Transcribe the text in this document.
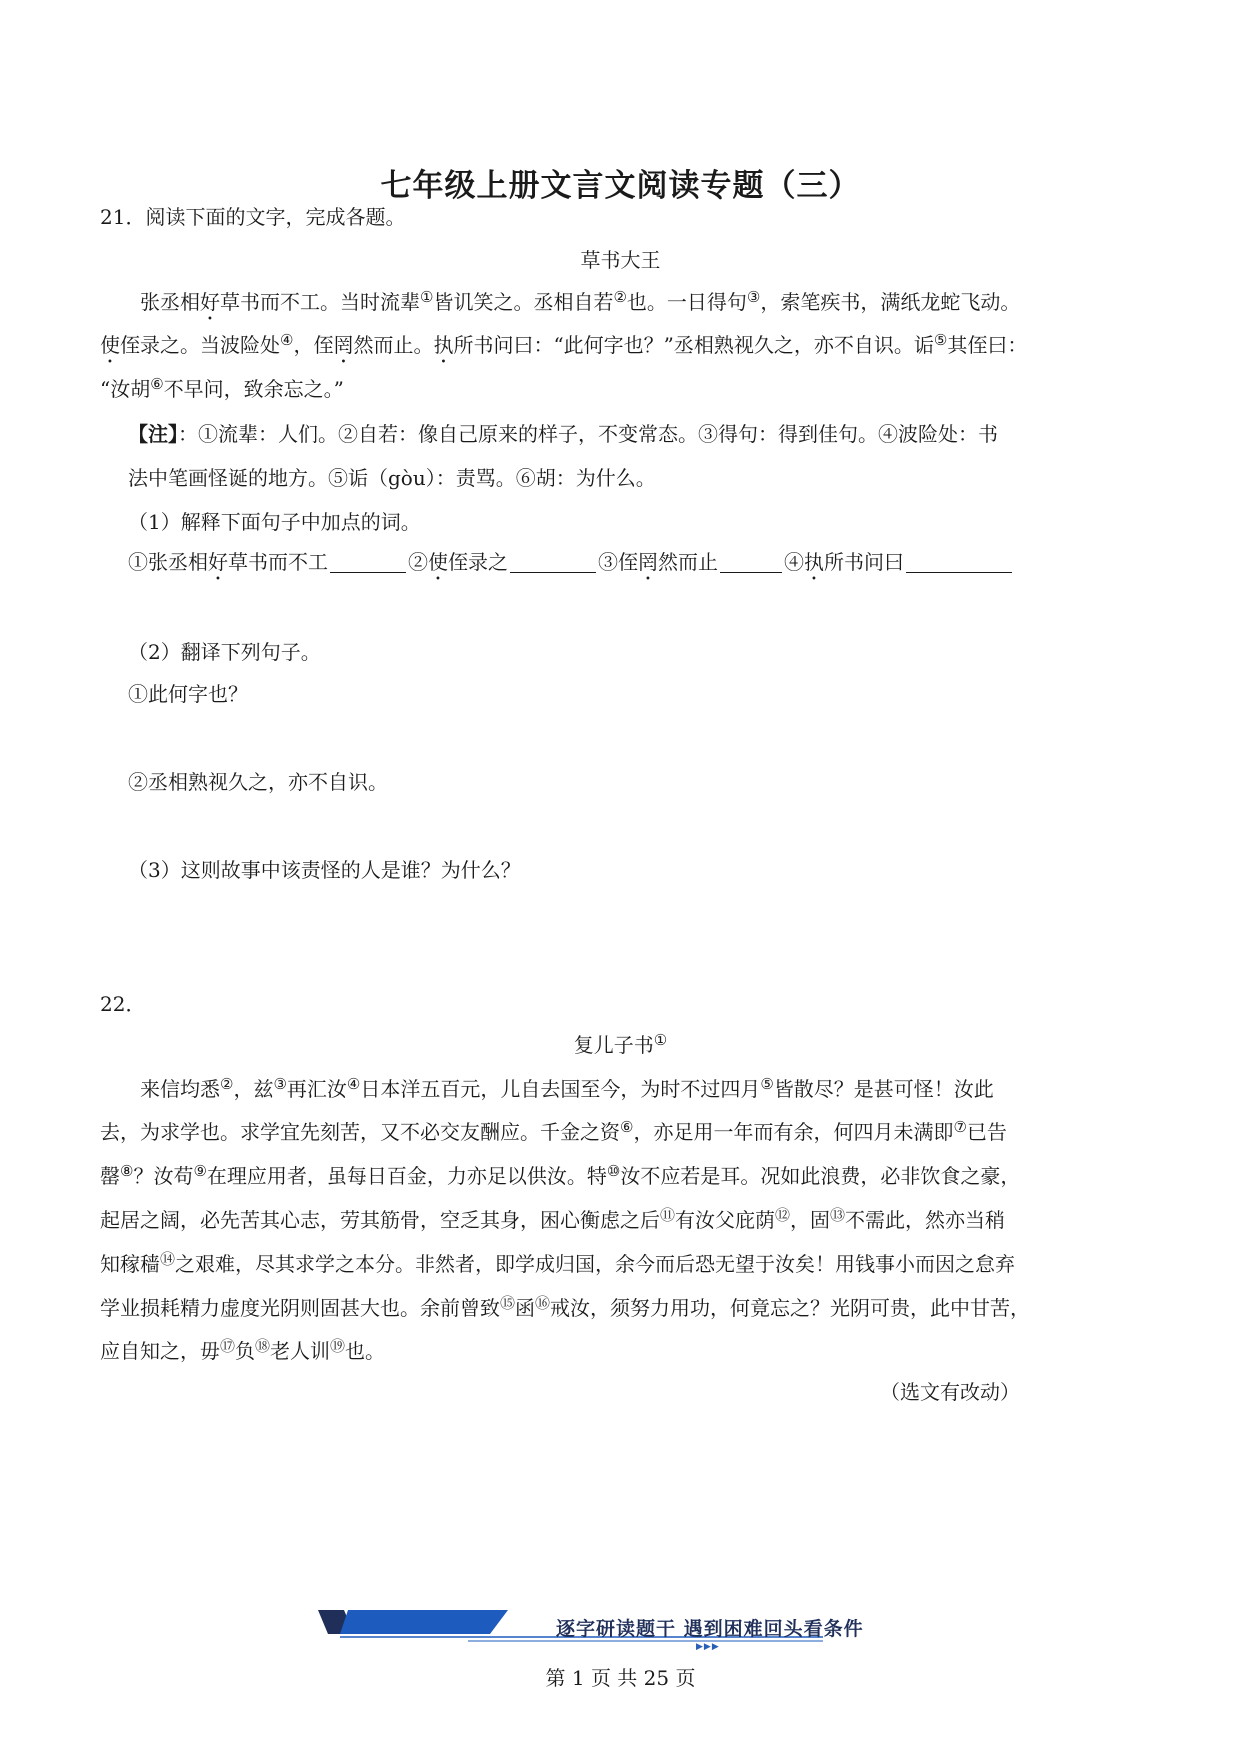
七年级上册文言文阅读专题（三）
21．阅读下面的文字，完成各题。
草书大王
张丞相好草书而不工。当时流辈①皆讥笑之。丞相自若②也。一日得句③，索笔疾书，满纸龙蛇飞动。
使侄录之。当波险处④，侄罔然而止。执所书问曰：“此何字也？”丞相熟视久之，亦不自识。诟⑤其侄曰：
“汝胡⑥不早问，致余忘之。”
【注】：①流辈：人们。②自若：像自己原来的样子，不变常态。③得句：得到佳句。④波险处：书
法中笔画怪诞的地方。⑤诟（gòu）：责骂。⑥胡：为什么。
（1）解释下面句子中加点的词。
①张丞相好草书而不工	②使侄录之	③侄罔然而止	④执所书问曰
（2）翻译下列句子。
①此何字也？
②丞相熟视久之，亦不自识。
（3）这则故事中该责怪的人是谁？为什么？
22．
复儿子书①
来信均悉②，兹③再汇汝④日本洋五百元，儿自去国至今，为时不过四月⑤皆散尽？是甚可怪！汝此
去，为求学也。求学宜先刻苦，又不必交友酬应。千金之资⑥，亦足用一年而有余，何四月未满即⑦已告
罄⑧？汝苟⑨在理应用者，虽每日百金，力亦足以供汝。特⑩汝不应若是耳。况如此浪费，必非饮食之豪，
起居之阔，必先苦其心志，劳其筋骨，空乏其身，困心衡虑之后⑪有汝父庇荫⑫，固⑬不需此，然亦当稍
知稼穑⑭之艰难，尽其求学之本分。非然者，即学成归国，余今而后恐无望于汝矣！用钱事小而因之怠弃
学业损耗精力虚度光阴则固甚大也。余前曾致⑮函⑯戒汝，须努力用功，何竟忘之？光阴可贵，此中甘苦，
应自知之，毋⑰负⑱老人训⑲也。
（选文有改动）
逐字研读题干 遇到困难回头看条件
▶▶▶
第 1 页 共 25 页
